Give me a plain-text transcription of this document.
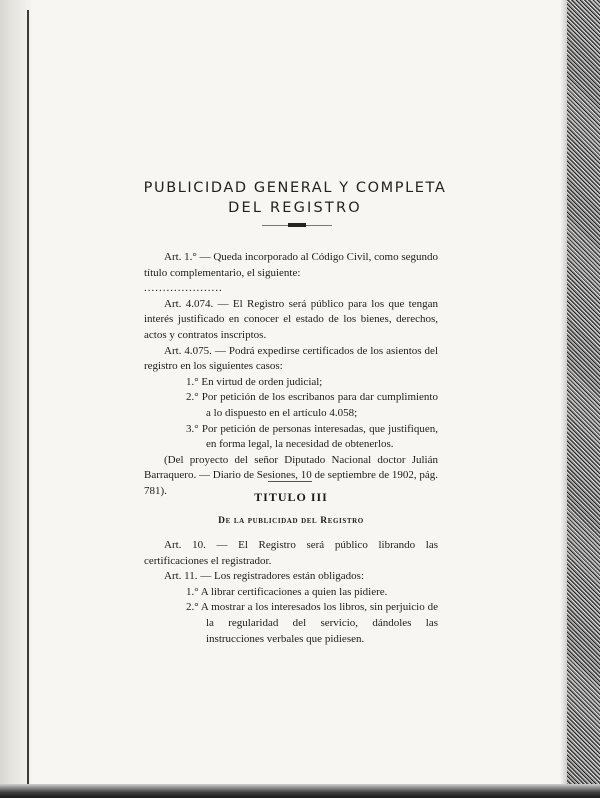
PUBLICIDAD GENERAL Y COMPLETA
DEL REGISTRO

Art. 1.° — Queda incorporado al Código Civil, como segundo título complementario, el siguiente:

.....................

Art. 4.074. — El Registro será público para los que tengan interés justificado en conocer el estado de los bienes, derechos, actos y contratos inscriptos.

Art. 4.075. — Podrá expedirse certificados de los asientos del registro en los siguientes casos:

1.° En virtud de orden judicial;

2.° Por petición de los escribanos para dar cumplimiento a lo dispuesto en el artículo 4.058;

3.° Por petición de personas interesadas, que justifiquen, en forma legal, la necesidad de obtenerlos.

(Del proyecto del señor Diputado Nacional doctor Julián Barraquero. — Diario de Sesiones, 10 de septiembre de 1902, pág. 781).	TITULO III
De la publicidad del Registro

Art. 10. — El Registro será público librando las certificaciones el registrador.

Art. 11. — Los registradores están obligados:

1.° A librar certificaciones a quien las pidiere.

2.° A mostrar a los interesados los libros, sin perjuicio de la regularidad del servicio, dándoles las instrucciones verbales que pidiesen.
